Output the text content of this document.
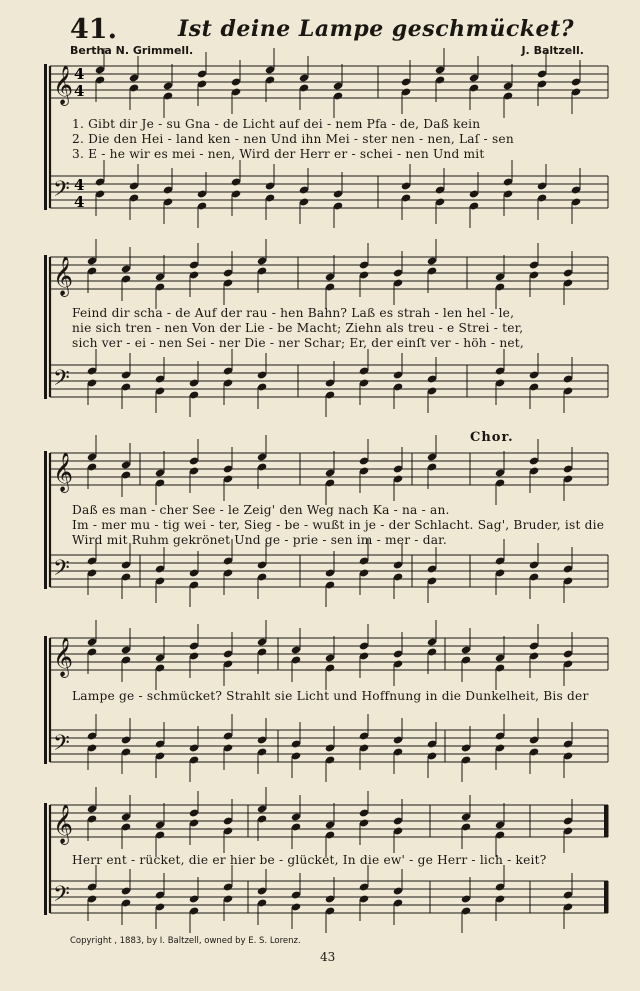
41.	Ist deine Lampe geschmücket?
Bertha N. Grimmell.	J. Baltzell.
𝄞
𝄢
𝄞
𝄢
𝄞
𝄢
𝄞
𝄢
𝄞
𝄢
4
4
4
4
Chor.
1. Gibt dir Je - su Gna - de Licht auf dei - nem Pfa - de, Daß kein
2. Die den Hei - land ken - nen Und ihn Mei - ster nen - nen, Laſ - sen
3. E - he wir es mei - nen, Wird der Herr er - schei - nen Und mit
Feind dir scha - de Auf der rau - hen Bahn? Laß es strah - len hel - le,
nie sich tren - nen Von der Lie - be Macht; Ziehn als treu - e Strei - ter,
sich ver - ei - nen Sei - ner Die - ner Schar; Er, der einſt ver - höh - net,
Daß es man - cher See - le Zeig' den Weg nach Ka - na - an.
Im - mer mu - tig wei - ter, Sieg - be - wußt in je - der Schlacht. Sag', Bruder, ist die
Wird mit Ruhm gekrönet Und ge - prie - sen im - mer - dar.
Lampe ge - schmücket? Strahlt sie Licht und Hoffnung in die Dunkelheit, Bis der
Herr ent - rücket, die er hier be - glücket, In die ew' - ge Herr - lich - keit?
Copyright , 1883, by I. Baltzell, owned by E. S. Lorenz.
43
